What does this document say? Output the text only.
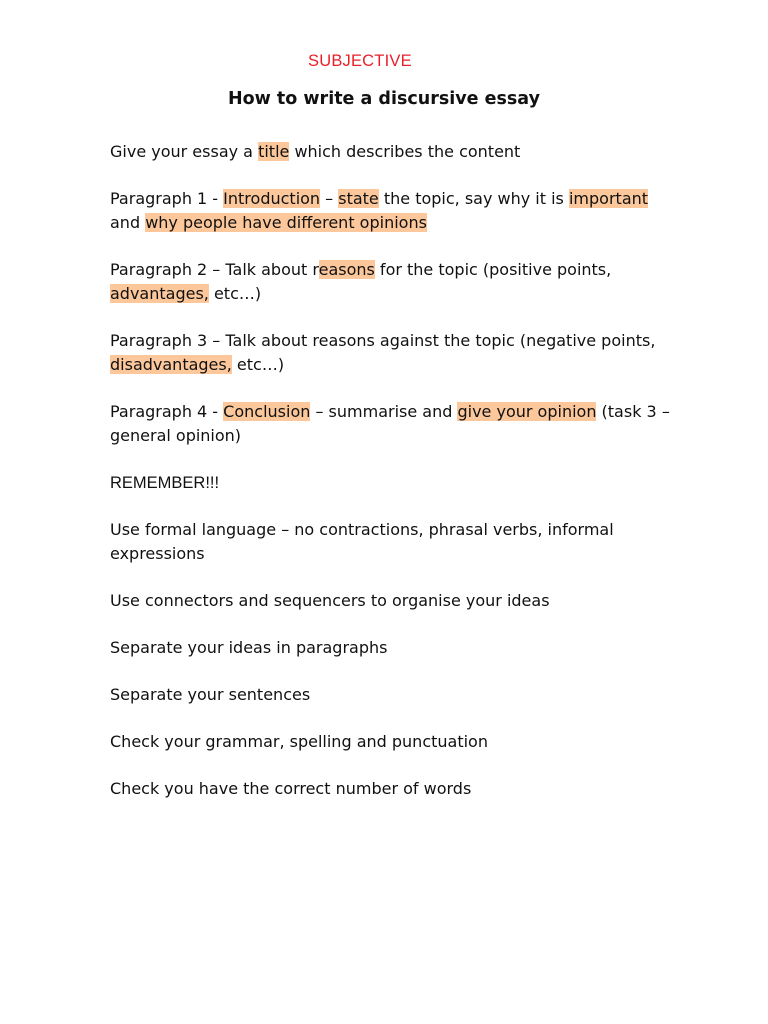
SUBJECTIVE
How to write a discursive essay

Give your essay a title which describes the content

Paragraph 1 - Introduction – state the topic, say why it is important and why people have different opinions

Paragraph 2 – Talk about reasons for the topic (positive points, advantages, etc…)

Paragraph 3 – Talk about reasons against the topic (negative points, disadvantages, etc…)

Paragraph 4 - Conclusion – summarise and give your opinion (task 3 – general opinion)

REMEMBER!!!

Use formal language – no contractions, phrasal verbs, informal expressions

Use connectors and sequencers to organise your ideas

Separate your ideas in paragraphs

Separate your sentences

Check your grammar, spelling and punctuation

Check you have the correct number of words
